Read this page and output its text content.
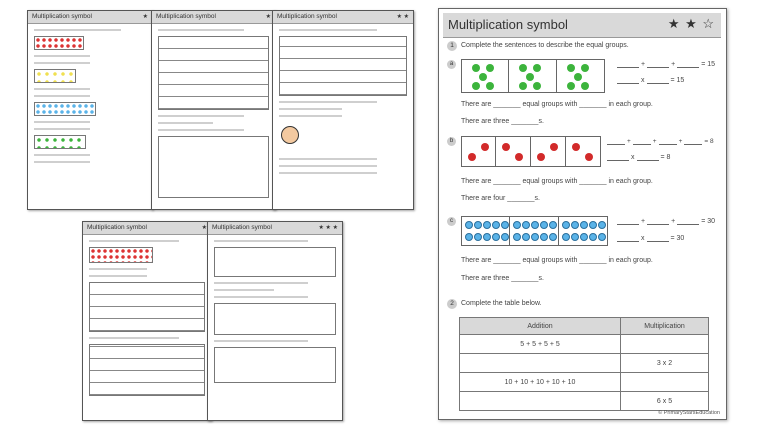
Multiplication symbol	★	Multiplication symbol	★ Multiplication symbol	★ ★
Multiplication symbol	★ Multiplication symbol	★ ★ ★
Multiplication symbol	★ ★ ☆
1	Complete the sentences to describe the equal groups.
a	+	+	= 15
x	= 15
There are _______ equal groups with _______ in each group.
There are three _______s.
b	+	+	+	= 8
x	= 8
There are _______ equal groups with _______ in each group.
There are four _______s.
c	+	+	= 30
x	= 30
There are _______ equal groups with _______ in each group.
There are three _______s.
2	Complete the table below.
Addition	Multiplication
5 + 5 + 5 + 5	
	3 x 2
10 + 10 + 10 + 10 + 10	
	6 x 5
© PrimaryStarsEducation
